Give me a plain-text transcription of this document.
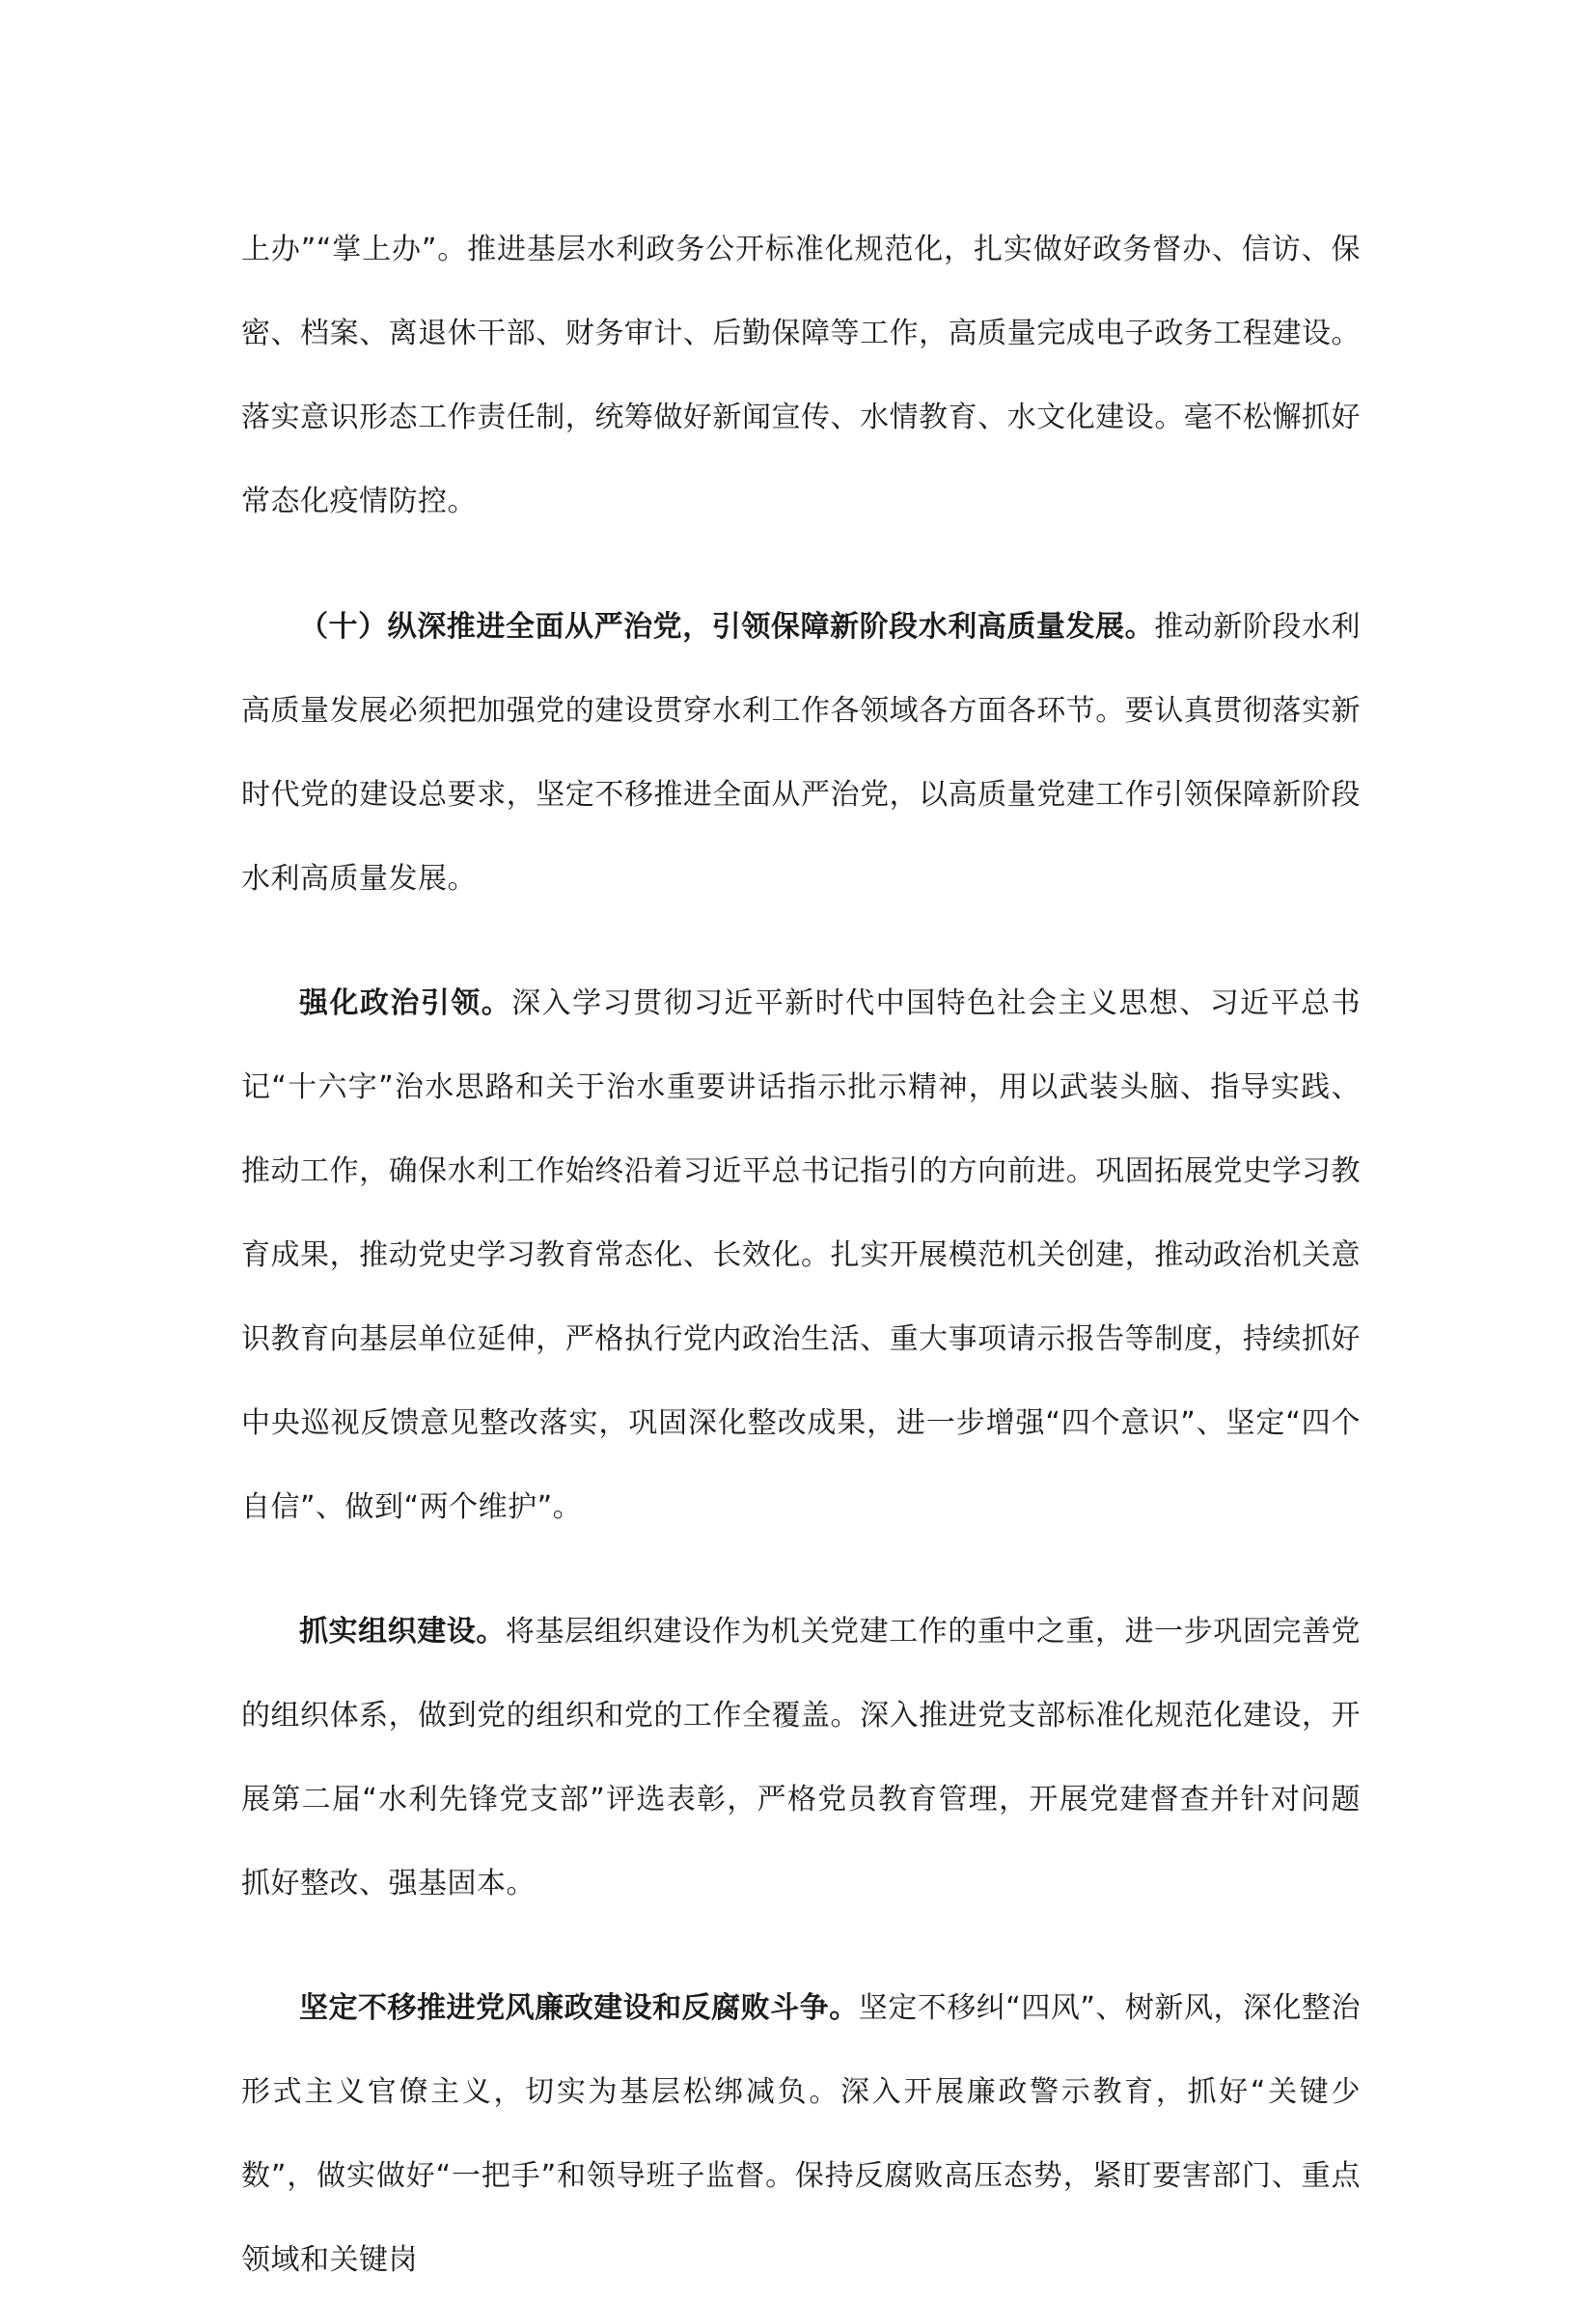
上办”“掌上办”。推进基层水利政务公开标准化规范化，扎实做好政务督办、信访、保密、档案、离退休干部、财务审计、后勤保障等工作，高质量完成电子政务工程建设。落实意识形态工作责任制，统筹做好新闻宣传、水情教育、水文化建设。毫不松懈抓好常态化疫情防控。

（十）纵深推进全面从严治党，引领保障新阶段水利高质量发展。推动新阶段水利高质量发展必须把加强党的建设贯穿水利工作各领域各方面各环节。要认真贯彻落实新时代党的建设总要求，坚定不移推进全面从严治党，以高质量党建工作引领保障新阶段水利高质量发展。

强化政治引领。深入学习贯彻习近平新时代中国特色社会主义思想、习近平总书记“十六字”治水思路和关于治水重要讲话指示批示精神，用以武装头脑、指导实践、推动工作，确保水利工作始终沿着习近平总书记指引的方向前进。巩固拓展党史学习教育成果，推动党史学习教育常态化、长效化。扎实开展模范机关创建，推动政治机关意识教育向基层单位延伸，严格执行党内政治生活、重大事项请示报告等制度，持续抓好中央巡视反馈意见整改落实，巩固深化整改成果，进一步增强“四个意识”、坚定“四个自信”、做到“两个维护”。

抓实组织建设。将基层组织建设作为机关党建工作的重中之重，进一步巩固完善党的组织体系，做到党的组织和党的工作全覆盖。深入推进党支部标准化规范化建设，开展第二届“水利先锋党支部”评选表彰，严格党员教育管理，开展党建督查并针对问题抓好整改、强基固本。

坚定不移推进党风廉政建设和反腐败斗争。坚定不移纠“四风”、树新风，深化整治形式主义官僚主义，切实为基层松绑减负。深入开展廉政警示教育，抓好“关键少数”，做实做好“一把手”和领导班子监督。保持反腐败高压态势，紧盯要害部门、重点领域和关键岗
